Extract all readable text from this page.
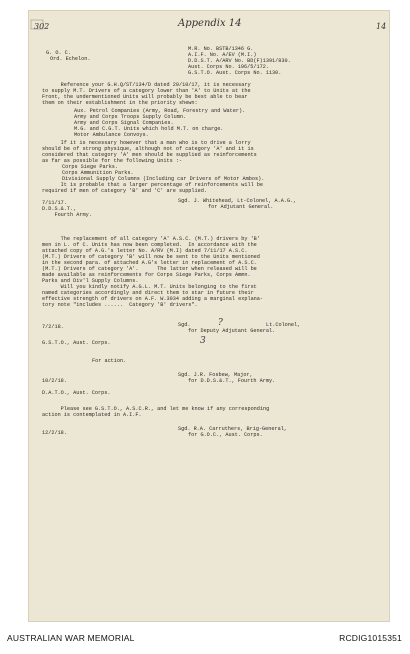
302	Appendix 14	14
G. O. C.
Ord. Echelon.
M.R. No. BSTB/1346 G.
A.I.F. No. A/EV (M.I.)
D.D.S.T. A/ARV No. BD(F)1391/830.
Aust. Corps No. 196/5/172.
G.S.T.O. Aust. Corps No. 1130.
Reference your G.H.Q/ST/134/D dated 20/10/17, it is necessary
to supply M.T. Drivers of a category lower than 'A' to Units at the
Front, the undermentioned Units will probably be best able to bear
them on their establishment in the priority shewn:
Aux. Petrol Companies (Army, Road, Forestry and Water).
Army and Corps Troops Supply Column.
Army and Corps Signal Companies.
M.G. and C.G.T. Units which hold M.T. on charge.
Motor Ambulance Convoys.
If it is necessary however that a man who is to drive a lorry
should be of strong physique, although not of category 'A' and it is
considered that category 'A' men should be supplied as reinforcements
as far as possible for the following Units :-
Corps Siege Parks.
Corps Ammunition Parks.
Divisional Supply Columns (Including car Drivers of Motor Ambos).
It is probable that a larger percentage of reinforcements will be
required if men of category 'B' and 'C' are supplied.
7/11/17.	Sgd. J. Whitehead, Lt-Colonel, A.A.G.,
for Adjutant General.
D.D.S.&.T.,
Fourth Army.
The replacement of all category 'A' A.S.C. (M.T.) drivers by 'B'
men in L. of C. Units has now been completed.  In accordance with the
attached copy of A.G.'s letter No. A/RV (M.I) dated 7/11/17 A.S.C.
(M.T.) Drivers of category 'B' will now be sent to the Units mentioned
in the second para. of attached A.G's letter in replacement of A.S.C.
(M.T.) Drivers of category 'A'.      The latter when released will be
made available as reinforcements for Corps Siege Parks, Corps Ammn.
Parks and Div'l Supply Columns.
Will you kindly notify A.G.L. M.T. Units belonging to the first
named categories accordingly and direct them to star in future their
effective strength of drivers on A.F. W.3034 adding a marginal explana-
tory note "includes ......  Category 'B' drivers".
7/2/18.	Sgd.	?	Lt.Colonel,
for Deputy Adjutant General.
G.S.T.O., Aust. Corps.	3
For action.
10/2/18.
Sgd. J.R. Fosbew, Major,
for D.D.S.&.T., Fourth Army.
D.A.T.O., Aust. Corps.
Please see G.S.T.O., A.S.C.R., and let me know if any corresponding
action is contemplated in A.I.F.
12/2/18.
Sgd. R.A. Carruthers, Brig-General,
for G.O.C., Aust. Corps.
AUSTRALIAN WAR MEMORIAL	RCDIG1015351
